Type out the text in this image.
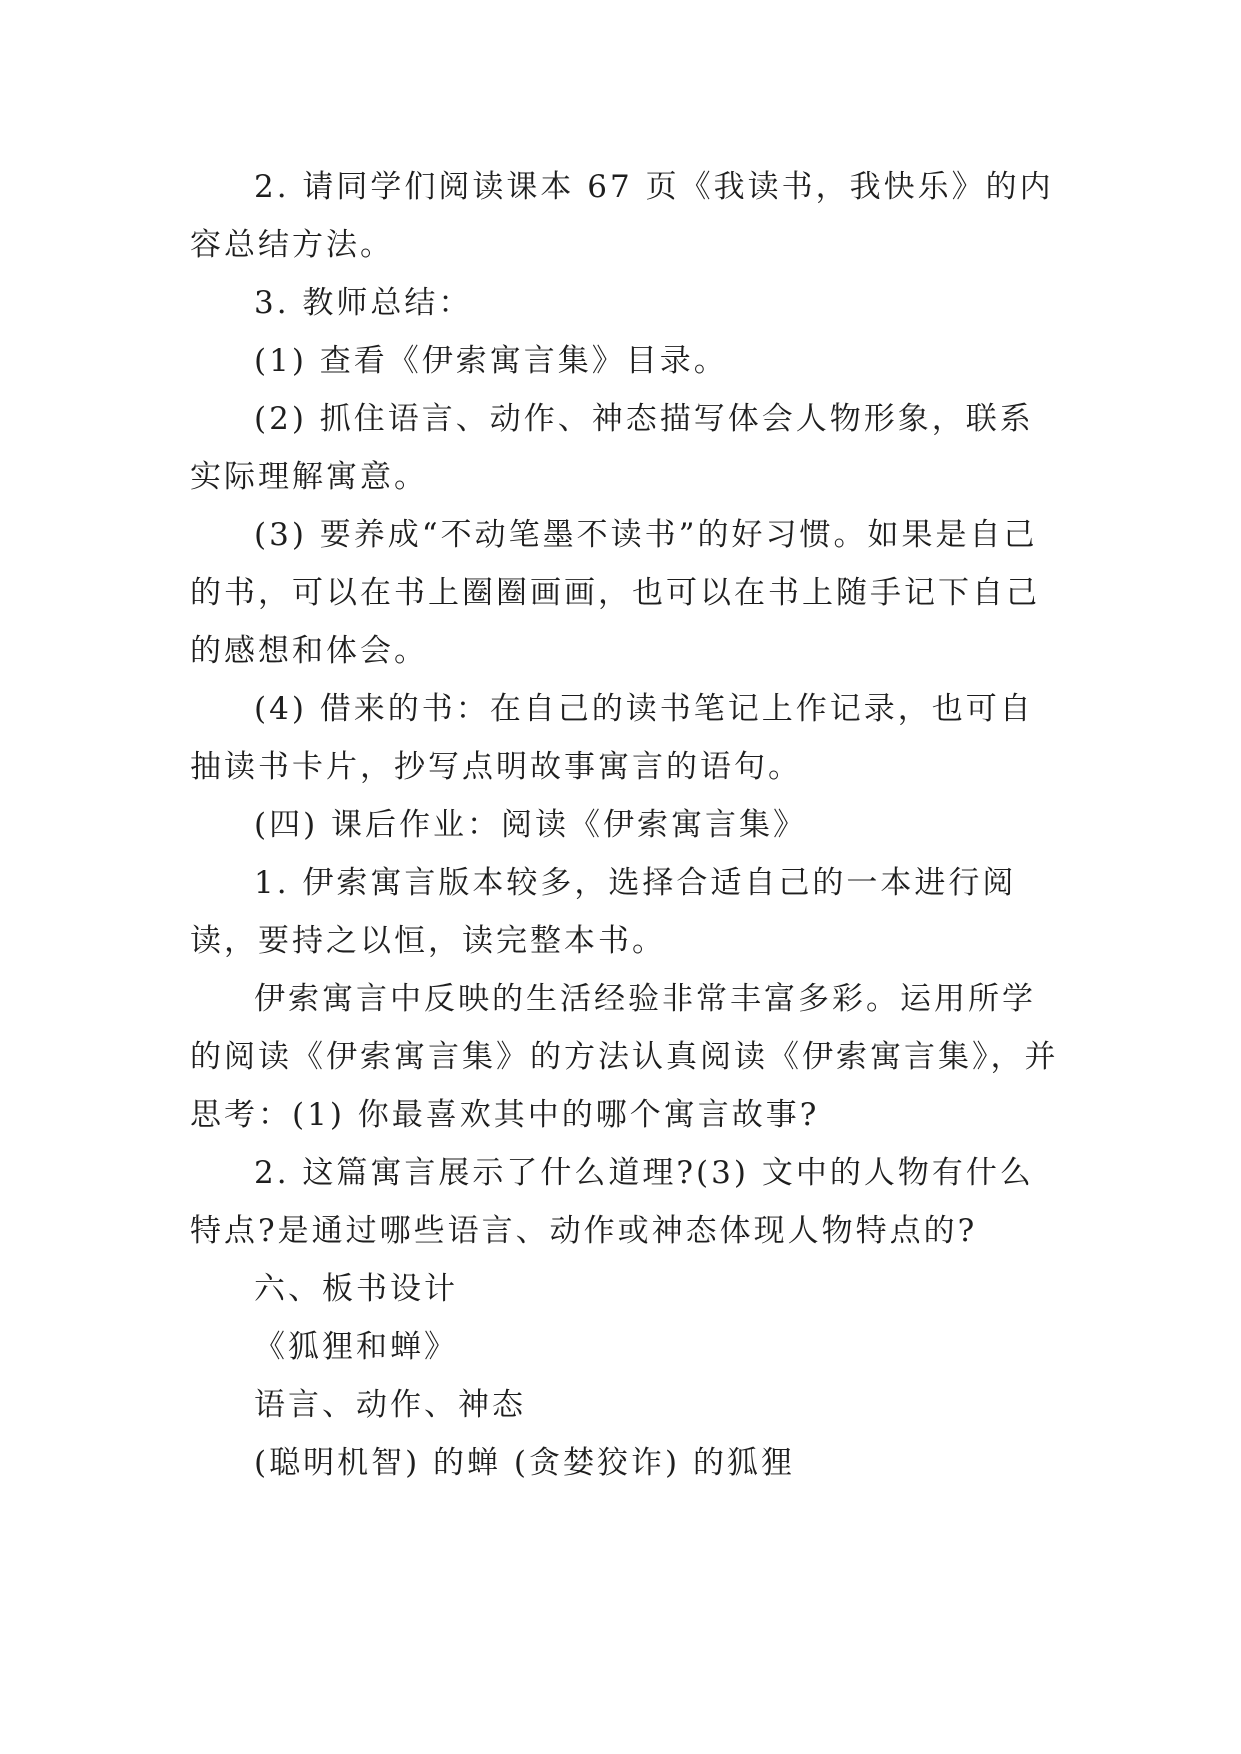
2. 请同学们阅读课本 67 页《我读书，我快乐》的内容总结方法。

3. 教师总结：

(1) 查看《伊索寓言集》目录。

(2) 抓住语言、动作、神态描写体会人物形象，联系实际理解寓意。

(3) 要养成“不动笔墨不读书”的好习惯。如果是自己的书，可以在书上圈圈画画，也可以在书上随手记下自己的感想和体会。

(4) 借来的书：在自己的读书笔记上作记录，也可自抽读书卡片，抄写点明故事寓言的语句。

(四) 课后作业：阅读《伊索寓言集》

1. 伊索寓言版本较多，选择合适自己的一本进行阅读，要持之以恒，读完整本书。

伊索寓言中反映的生活经验非常丰富多彩。运用所学的阅读《伊索寓言集》的方法认真阅读《伊索寓言集》，并思考：(1) 你最喜欢其中的哪个寓言故事?

2. 这篇寓言展示了什么道理?(3) 文中的人物有什么特点?是通过哪些语言、动作或神态体现人物特点的?

六、板书设计

《狐狸和蝉》

语言、动作、神态

(聪明机智) 的蝉 (贪婪狡诈) 的狐狸
